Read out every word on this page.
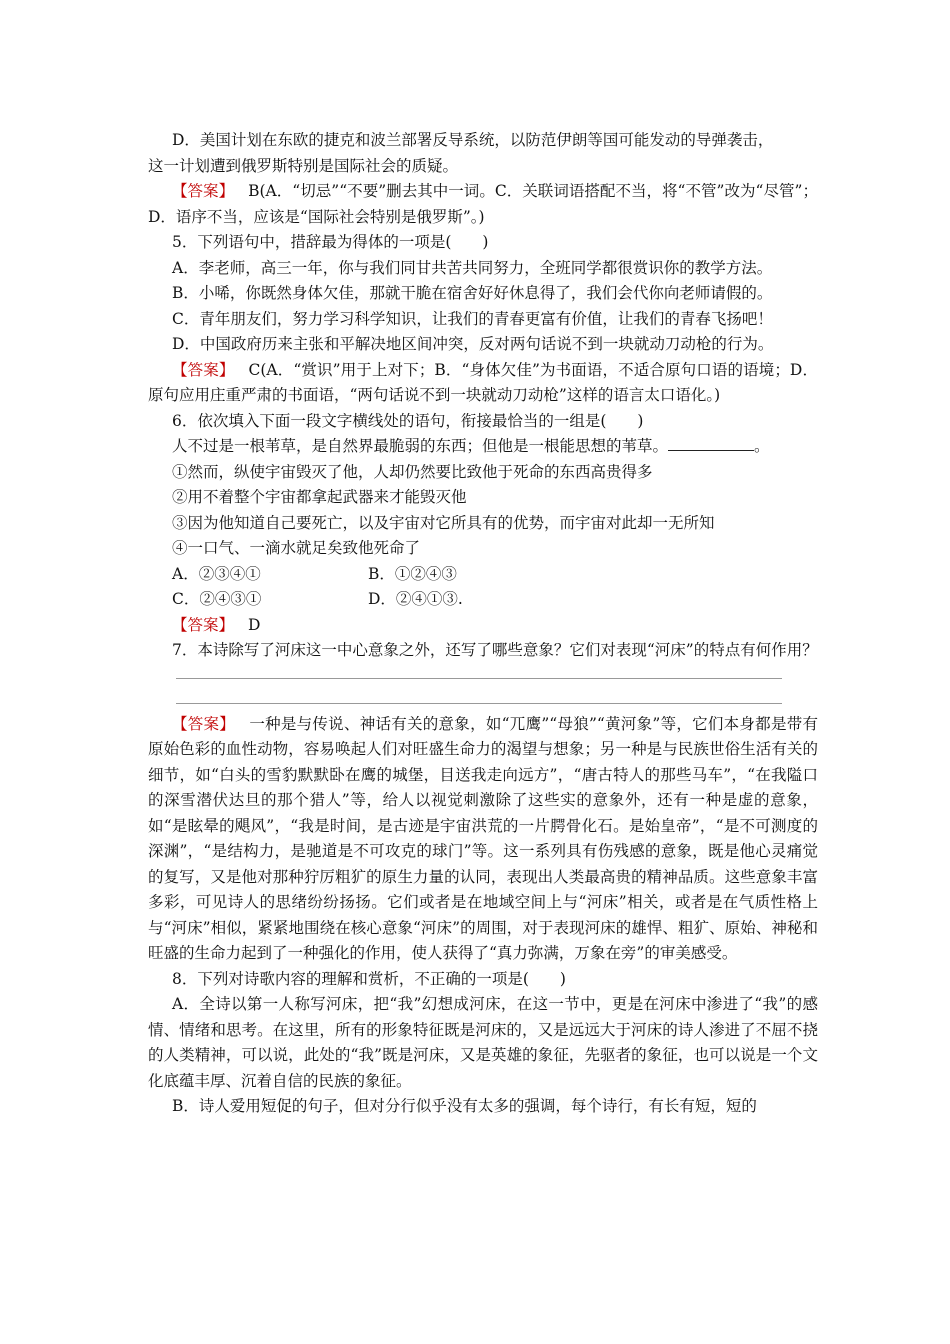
D．美国计划在东欧的捷克和波兰部署反导系统，以防范伊朗等国可能发动的导弹袭击，

这一计划遭到俄罗斯特别是国际社会的质疑。

【答案】 B(A．“切忌”“不要”删去其中一词。C．关联词语搭配不当，将“不管”改为“尽管”；D．语序不当，应该是“国际社会特别是俄罗斯”。)

5．下列语句中，措辞最为得体的一项是(　　)

A．李老师，高三一年，你与我们同甘共苦共同努力，全班同学都很赏识你的教学方法。

B．小唏，你既然身体欠佳，那就干脆在宿舍好好休息得了，我们会代你向老师请假的。

C．青年朋友们，努力学习科学知识，让我们的青春更富有价值，让我们的青春飞扬吧！

D．中国政府历来主张和平解决地区间冲突，反对两句话说不到一块就动刀动枪的行为。

【答案】 C(A．“赏识”用于上对下；B．“身体欠佳”为书面语，不适合原句口语的语境；D．原句应用庄重严肃的书面语，“两句话说不到一块就动刀动枪”这样的语言太口语化。)

6．依次填入下面一段文字横线处的语句，衔接最恰当的一组是(　　)

人不过是一根苇草，是自然界最脆弱的东西；但他是一根能思想的苇草。	。

①然而，纵使宇宙毁灭了他，人却仍然要比致他于死命的东西高贵得多

②用不着整个宇宙都拿起武器来才能毁灭他

③因为他知道自己要死亡，以及宇宙对它所具有的优势，而宇宙对此却一无所知

④一口气、一滴水就足矣致他死命了

A．②③④①	B．①②④③
C．②④③①	D．②④①③.

【答案】 D

7．本诗除写了河床这一中心意象之外，还写了哪些意象？它们对表现“河床”的特点有何作用？

【答案】 一种是与传说、神话有关的意象，如“兀鹰”“母狼”“黄河象”等，它们本身都是带有原始色彩的血性动物，容易唤起人们对旺盛生命力的渴望与想象；另一种是与民族世俗生活有关的细节，如“白头的雪豹默默卧在鹰的城堡，目送我走向远方”，“唐古特人的那些马车”，“在我隘口的深雪潜伏达旦的那个猎人”等，给人以视觉刺激除了这些实的意象外，还有一种是虚的意象，如“是眩晕的飓风”，“我是时间，是古迹是宇宙洪荒的一片腭骨化石。是始皇帝”，“是不可测度的深渊”，“是结构力，是驰道是不可攻克的球门”等。这一系列具有伤残感的意象，既是他心灵痛觉的复写，又是他对那种狞厉粗犷的原生力量的认同，表现出人类最高贵的精神品质。这些意象丰富多彩，可见诗人的思绪纷纷扬扬。它们或者是在地域空间上与“河床”相关，或者是在气质性格上与“河床”相似，紧紧地围绕在核心意象“河床”的周围，对于表现河床的雄悍、粗犷、原始、神秘和旺盛的生命力起到了一种强化的作用，使人获得了“真力弥满，万象在旁”的审美感受。

8．下列对诗歌内容的理解和赏析，不正确的一项是(　　)

A．全诗以第一人称写河床，把“我”幻想成河床，在这一节中，更是在河床中渗进了“我”的感情、情绪和思考。在这里，所有的形象特征既是河床的，又是远远大于河床的诗人渗进了不屈不挠的人类精神，可以说，此处的“我”既是河床，又是英雄的象征，先驱者的象征，也可以说是一个文化底蕴丰厚、沉着自信的民族的象征。

B．诗人爱用短促的句子，但对分行似乎没有太多的强调，每个诗行，有长有短，短的
